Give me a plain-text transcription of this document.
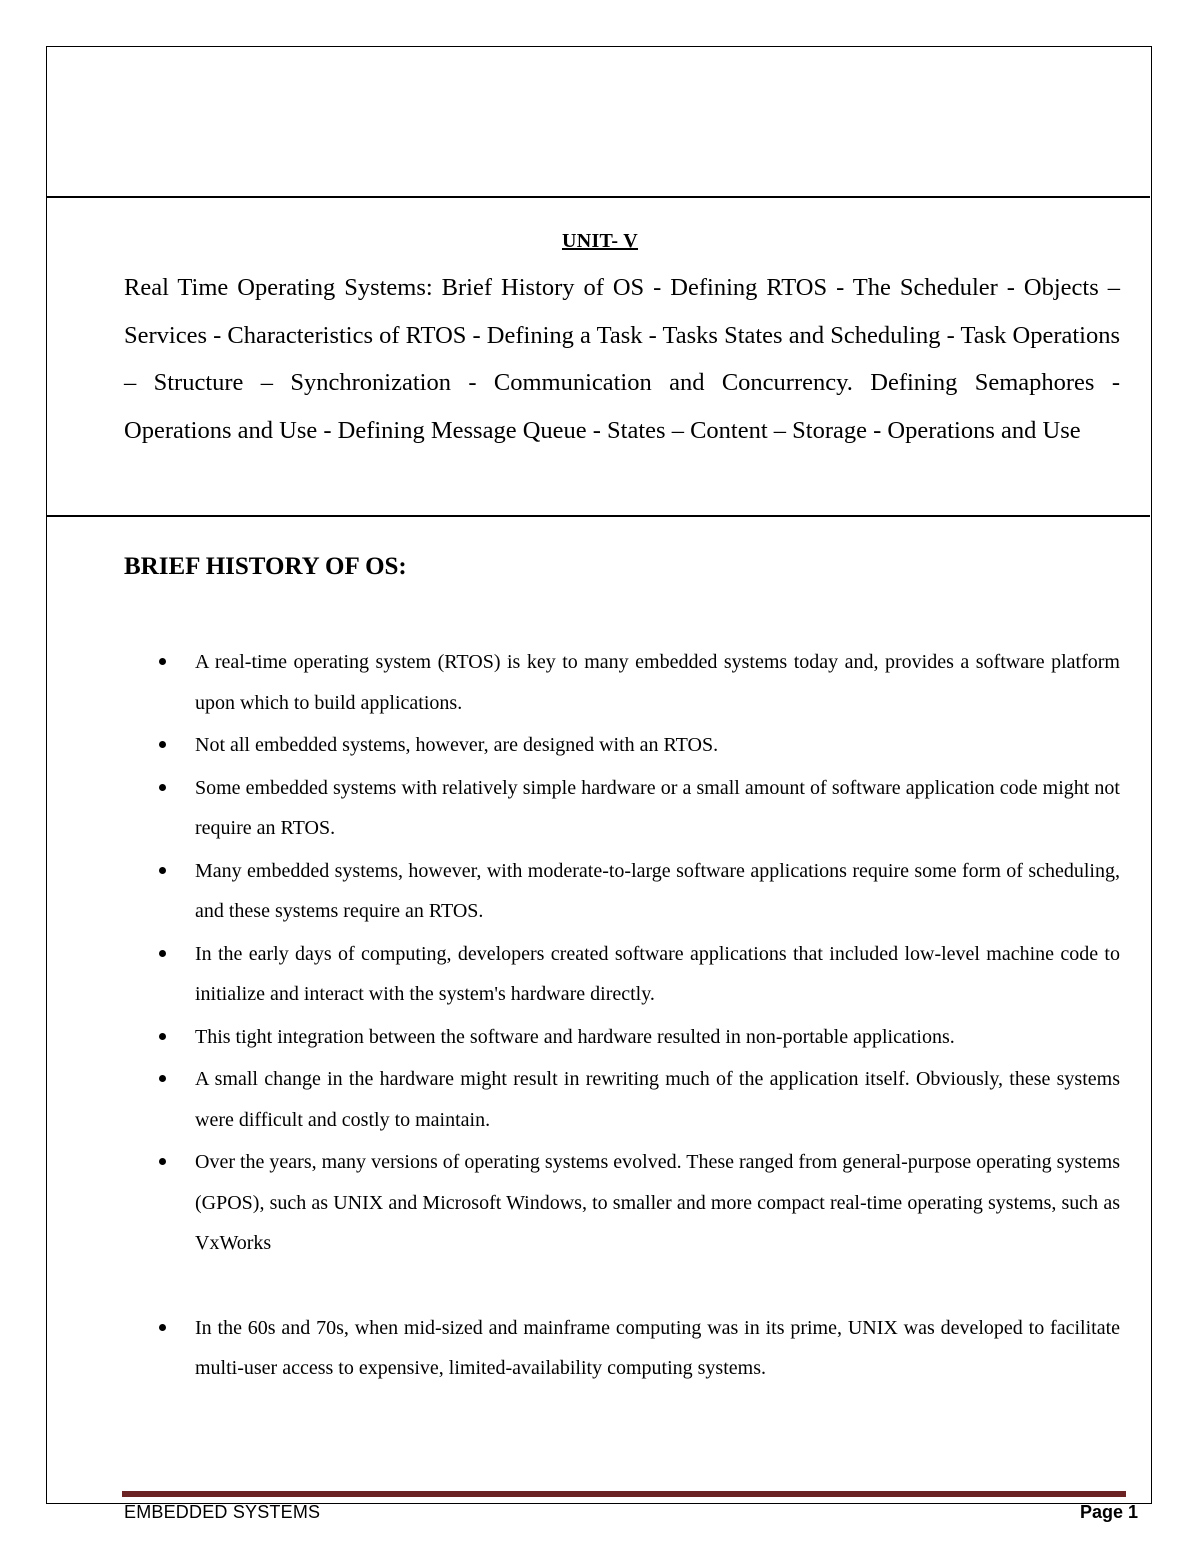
UNIT- V

Real Time Operating Systems: Brief History of OS - Defining RTOS - The Scheduler - Objects – Services - Characteristics of RTOS - Defining a Task - Tasks States and Scheduling - Task Operations – Structure – Synchronization - Communication and Concurrency. Defining Semaphores - Operations and Use - Defining Message Queue - States – Content – Storage - Operations and Use

BRIEF HISTORY OF OS:
A real-time operating system (RTOS) is key to many embedded systems today and, provides a software platform upon which to build applications.
Not all embedded systems, however, are designed with an RTOS.
Some embedded systems with relatively simple hardware or a small amount of software application code might not require an RTOS.
Many embedded systems, however, with moderate-to-large software applications require some form of scheduling, and these systems require an RTOS.
In the early days of computing, developers created software applications that included low-level machine code to initialize and interact with the system's hardware directly.
This tight integration between the software and hardware resulted in non-portable applications.
A small change in the hardware might result in rewriting much of the application itself. Obviously, these systems were difficult and costly to maintain.
Over the years, many versions of operating systems evolved. These ranged from general-purpose operating systems (GPOS), such as UNIX and Microsoft Windows, to smaller and more compact real-time operating systems, such as VxWorks
In the 60s and 70s, when mid-sized and mainframe computing was in its prime, UNIX was developed to facilitate multi-user access to expensive, limited-availability computing systems.
EMBEDDED SYSTEMS	Page 1
